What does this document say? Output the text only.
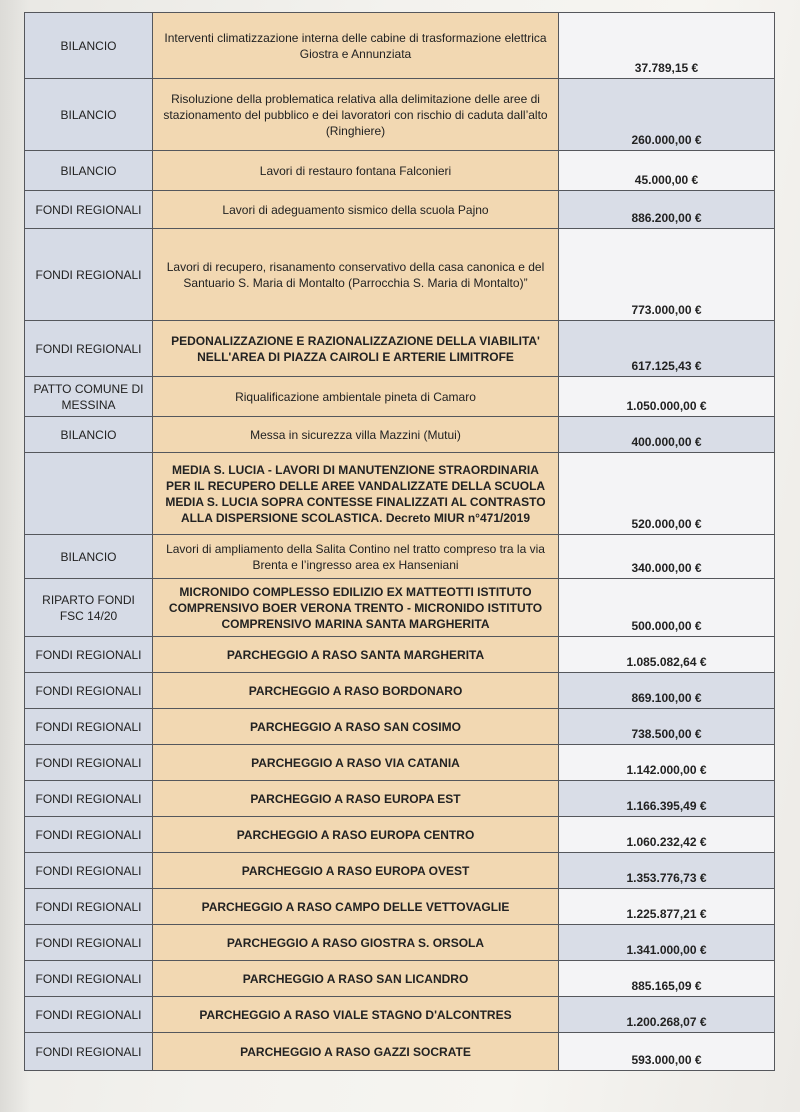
BILANCIO	Interventi climatizzazione interna delle cabine di trasformazione elettrica Giostra e Annunziata	37.789,15 €
BILANCIO	Risoluzione della problematica relativa alla delimitazione delle aree di stazionamento del pubblico e dei lavoratori con rischio di caduta dall’alto (Ringhiere)	260.000,00 €
BILANCIO	Lavori di restauro fontana Falconieri	45.000,00 €
FONDI REGIONALI	Lavori di adeguamento sismico della scuola Pajno	886.200,00 €
FONDI REGIONALI	Lavori di recupero, risanamento conservativo della casa canonica e del Santuario S. Maria di Montalto (Parrocchia S. Maria di Montalto)”	773.000,00 €
FONDI REGIONALI	PEDONALIZZAZIONE E RAZIONALIZZAZIONE DELLA VIABILITA' NELL'AREA DI PIAZZA CAIROLI E ARTERIE LIMITROFE	617.125,43 €
PATTO COMUNE DI MESSINA	Riqualificazione ambientale pineta di Camaro	1.050.000,00 €
BILANCIO	Messa in sicurezza villa Mazzini (Mutui)	400.000,00 €
	MEDIA S. LUCIA - LAVORI DI MANUTENZIONE STRAORDINARIA PER IL RECUPERO DELLE AREE VANDALIZZATE DELLA SCUOLA MEDIA S. LUCIA SOPRA CONTESSE FINALIZZATI AL CONTRASTO ALLA DISPERSIONE SCOLASTICA. Decreto MIUR n°471/2019	520.000,00 €
BILANCIO	Lavori di ampliamento della Salita Contino nel tratto compreso tra la via Brenta e l’ingresso area ex Hanseniani	340.000,00 €
RIPARTO FONDI FSC 14/20	MICRONIDO COMPLESSO EDILIZIO EX MATTEOTTI ISTITUTO COMPRENSIVO BOER VERONA TRENTO - MICRONIDO ISTITUTO COMPRENSIVO MARINA SANTA MARGHERITA	500.000,00 €
FONDI REGIONALI	PARCHEGGIO A RASO SANTA MARGHERITA	1.085.082,64 €
FONDI REGIONALI	PARCHEGGIO A RASO BORDONARO	869.100,00 €
FONDI REGIONALI	PARCHEGGIO A RASO SAN COSIMO	738.500,00 €
FONDI REGIONALI	PARCHEGGIO A RASO VIA CATANIA	1.142.000,00 €
FONDI REGIONALI	PARCHEGGIO A RASO EUROPA EST	1.166.395,49 €
FONDI REGIONALI	PARCHEGGIO A RASO EUROPA CENTRO	1.060.232,42 €
FONDI REGIONALI	PARCHEGGIO A RASO EUROPA OVEST	1.353.776,73 €
FONDI REGIONALI	PARCHEGGIO A RASO CAMPO DELLE VETTOVAGLIE	1.225.877,21 €
FONDI REGIONALI	PARCHEGGIO A RASO GIOSTRA S. ORSOLA	1.341.000,00 €
FONDI REGIONALI	PARCHEGGIO A RASO SAN LICANDRO	885.165,09 €
FONDI REGIONALI	PARCHEGGIO A RASO VIALE STAGNO D'ALCONTRES	1.200.268,07 €
FONDI REGIONALI	PARCHEGGIO A RASO GAZZI SOCRATE	593.000,00 €
